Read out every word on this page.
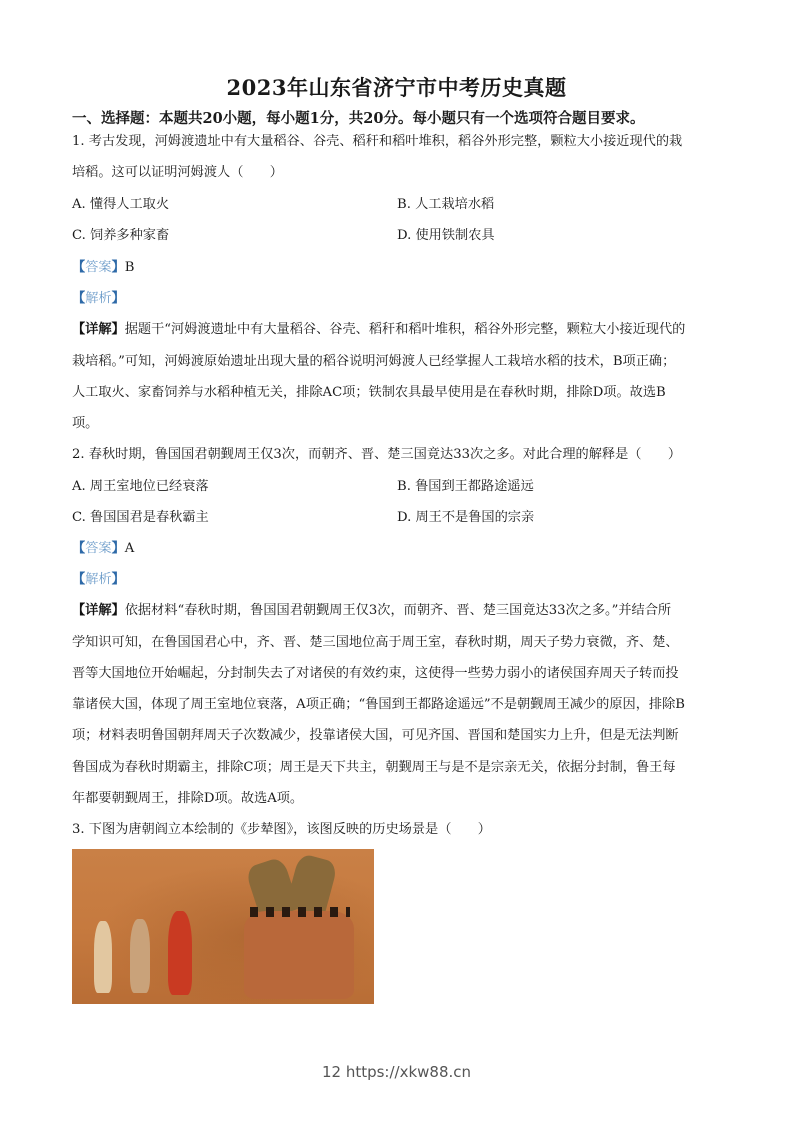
2023年山东省济宁市中考历史真题
一、选择题：本题共20小题，每小题1分，共20分。每小题只有一个选项符合题目要求。
1. 考古发现，河姆渡遗址中有大量稻谷、谷壳、稻秆和稻叶堆积，稻谷外形完整，颗粒大小接近现代的栽
培稻。这可以证明河姆渡人（　　）
A. 懂得人工取火	B. 人工栽培水稻
C. 饲养多种家畜	D. 使用铁制农具
【答案】B
【解析】
【详解】据题干“河姆渡遗址中有大量稻谷、谷壳、稻秆和稻叶堆积，稻谷外形完整，颗粒大小接近现代的
栽培稻。”可知，河姆渡原始遗址出现大量的稻谷说明河姆渡人已经掌握人工栽培水稻的技术，B项正确；
人工取火、家畜饲养与水稻种植无关，排除AC项；铁制农具最早使用是在春秋时期，排除D项。故选B
项。
2. 春秋时期，鲁国国君朝觐周王仅3次，而朝齐、晋、楚三国竟达33次之多。对此合理的解释是（　　）
A. 周王室地位已经衰落	B. 鲁国到王都路途遥远
C. 鲁国国君是春秋霸主	D. 周王不是鲁国的宗亲
【答案】A
【解析】
【详解】依据材料“春秋时期，鲁国国君朝觐周王仅3次，而朝齐、晋、楚三国竟达33次之多。”并结合所
学知识可知，在鲁国国君心中，齐、晋、楚三国地位高于周王室，春秋时期，周天子势力衰微，齐、楚、
晋等大国地位开始崛起，分封制失去了对诸侯的有效约束，这使得一些势力弱小的诸侯国弃周天子转而投
靠诸侯大国，体现了周王室地位衰落，A项正确；“鲁国到王都路途遥远”不是朝觐周王减少的原因，排除B
项；材料表明鲁国朝拜周天子次数减少，投靠诸侯大国，可见齐国、晋国和楚国实力上升，但是无法判断
鲁国成为春秋时期霸主，排除C项；周王是天下共主，朝觐周王与是不是宗亲无关，依据分封制，鲁王每
年都要朝觐周王，排除D项。故选A项。
3. 下图为唐朝阎立本绘制的《步辇图》，该图反映的历史场景是（　　）
12 https://xkw88.cn
